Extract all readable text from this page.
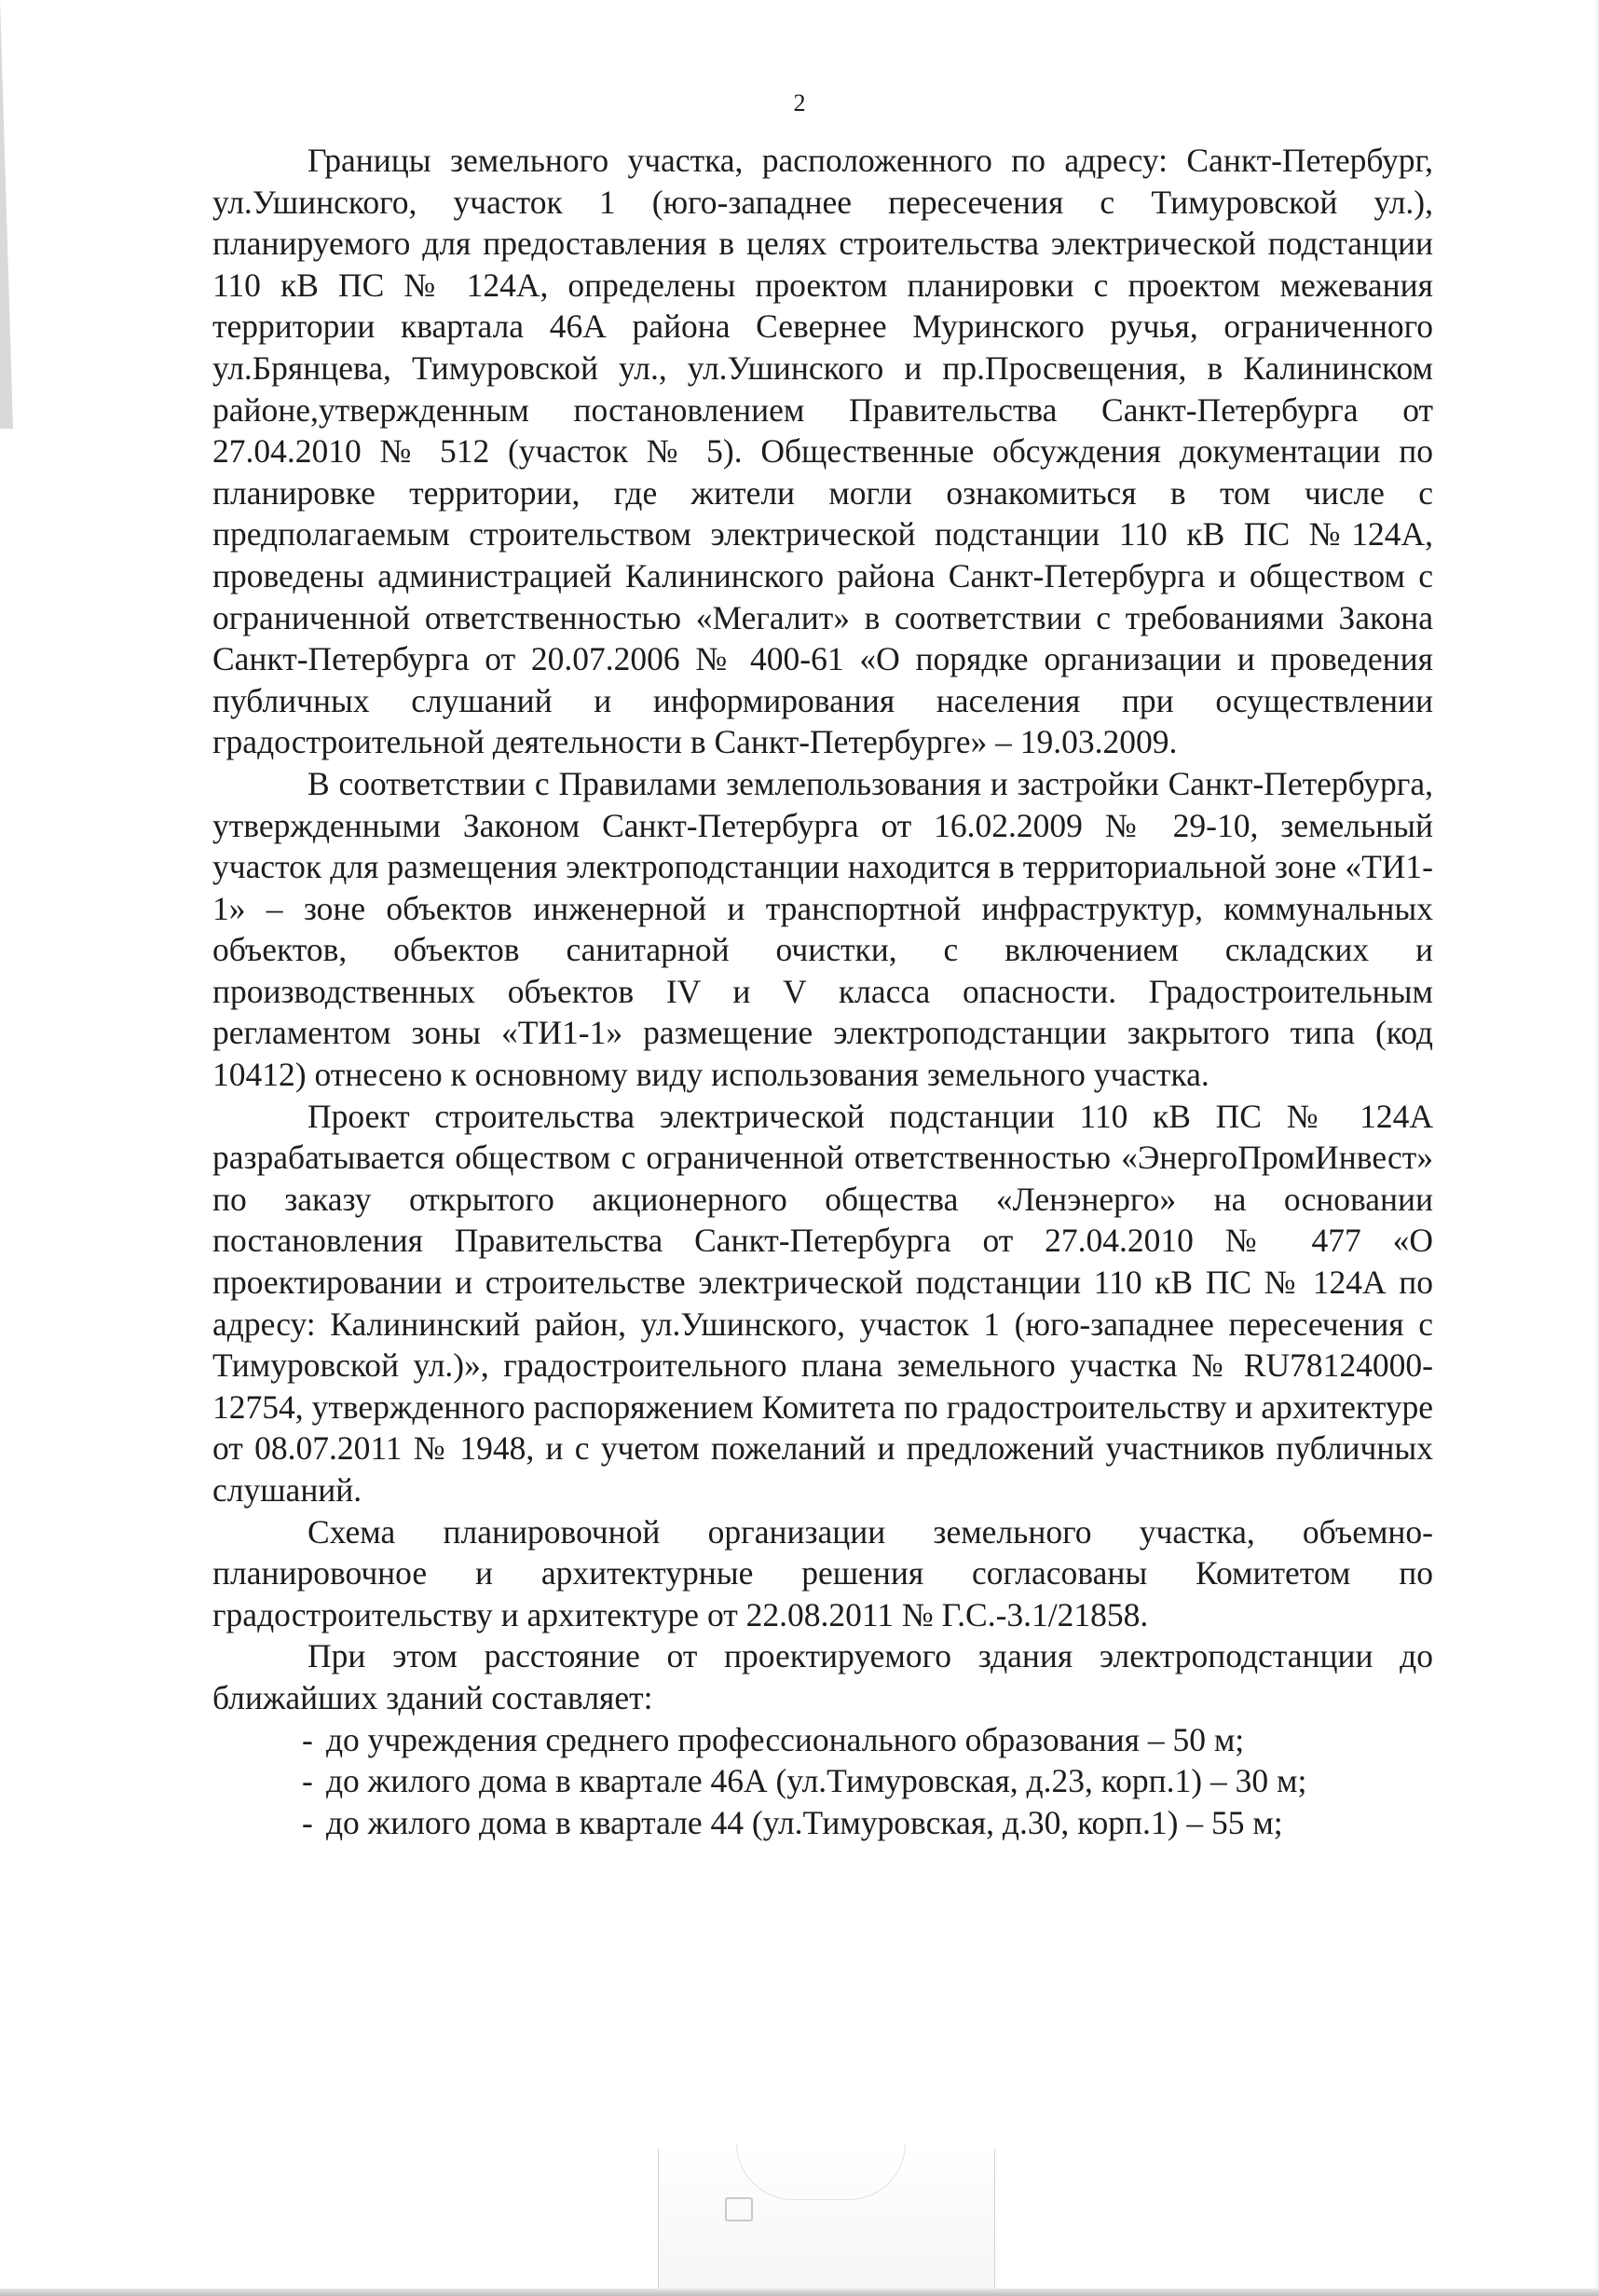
2

Границы земельного участка, расположенного по адресу: Санкт-Петербург, ул.Ушинского, участок 1 (юго-западнее пересечения с Тимуровской ул.), планируемого для предоставления в целях строительства электрической подстанции 110 кВ ПС № 124А, определены проектом планировки с проектом межевания территории квартала 46А района Севернее Муринского ручья, ограниченного ул.Брянцева, Тимуровской ул., ул.Ушинского и пр.Просвещения, в Калининском районе,утвержденным постановлением Правительства Санкт-Петербурга от 27.04.2010 № 512 (участок № 5). Общественные обсуждения документации по планировке территории, где жители могли ознакомиться в том числе с предполагаемым строительством электрической подстанции 110 кВ ПС №124А, проведены администрацией Калининского района Санкт-Петербурга и обществом с ограниченной ответственностью «Мегалит» в соответствии с требованиями Закона Санкт-Петербурга от 20.07.2006 № 400-61 «О порядке организации и проведения публичных слушаний и информирования населения при осуществлении градостроительной деятельности в Санкт-Петербурге» – 19.03.2009.

В соответствии с Правилами землепользования и застройки Санкт-Петербурга, утвержденными Законом Санкт-Петербурга от 16.02.2009 № 29-10, земельный участок для размещения электроподстанции находится в территориальной зоне «ТИ1-1» – зоне объектов инженерной и транспортной инфраструктур, коммунальных объектов, объектов санитарной очистки, с включением складских и производственных объектов IV и V класса опасности. Градостроительным регламентом зоны «ТИ1-1» размещение электроподстанции закрытого типа (код 10412) отнесено к основному виду использования земельного участка.

Проект строительства электрической подстанции 110 кВ ПС № 124А разрабатывается обществом с ограниченной ответственностью «ЭнергоПромИнвест» по заказу открытого акционерного общества «Ленэнерго» на основании постановления Правительства Санкт-Петербурга от 27.04.2010 № 477 «О проектировании и строительстве электрической подстанции 110 кВ ПС № 124А по адресу: Калининский район, ул.Ушинского, участок 1 (юго-западнее пересечения с Тимуровской ул.)», градостроительного плана земельного участка № RU78124000-12754, утвержденного распоряжением Комитета по градостроительству и архитектуре от 08.07.2011 № 1948, и с учетом пожеланий и предложений участников публичных слушаний.

Схема планировочной организации земельного участка, объемно-планировочное и архитектурные решения согласованы Комитетом по градостроительству и архитектуре от 22.08.2011 № Г.С.-3.1/21858.

При этом расстояние от проектируемого здания электроподстанции до ближайших зданий составляет:

- до учреждения среднего профессионального образования – 50 м;
- до жилого дома в квартале 46А (ул.Тимуровская, д.23, корп.1) – 30 м;
- до жилого дома в квартале 44 (ул.Тимуровская, д.30, корп.1) – 55 м;
